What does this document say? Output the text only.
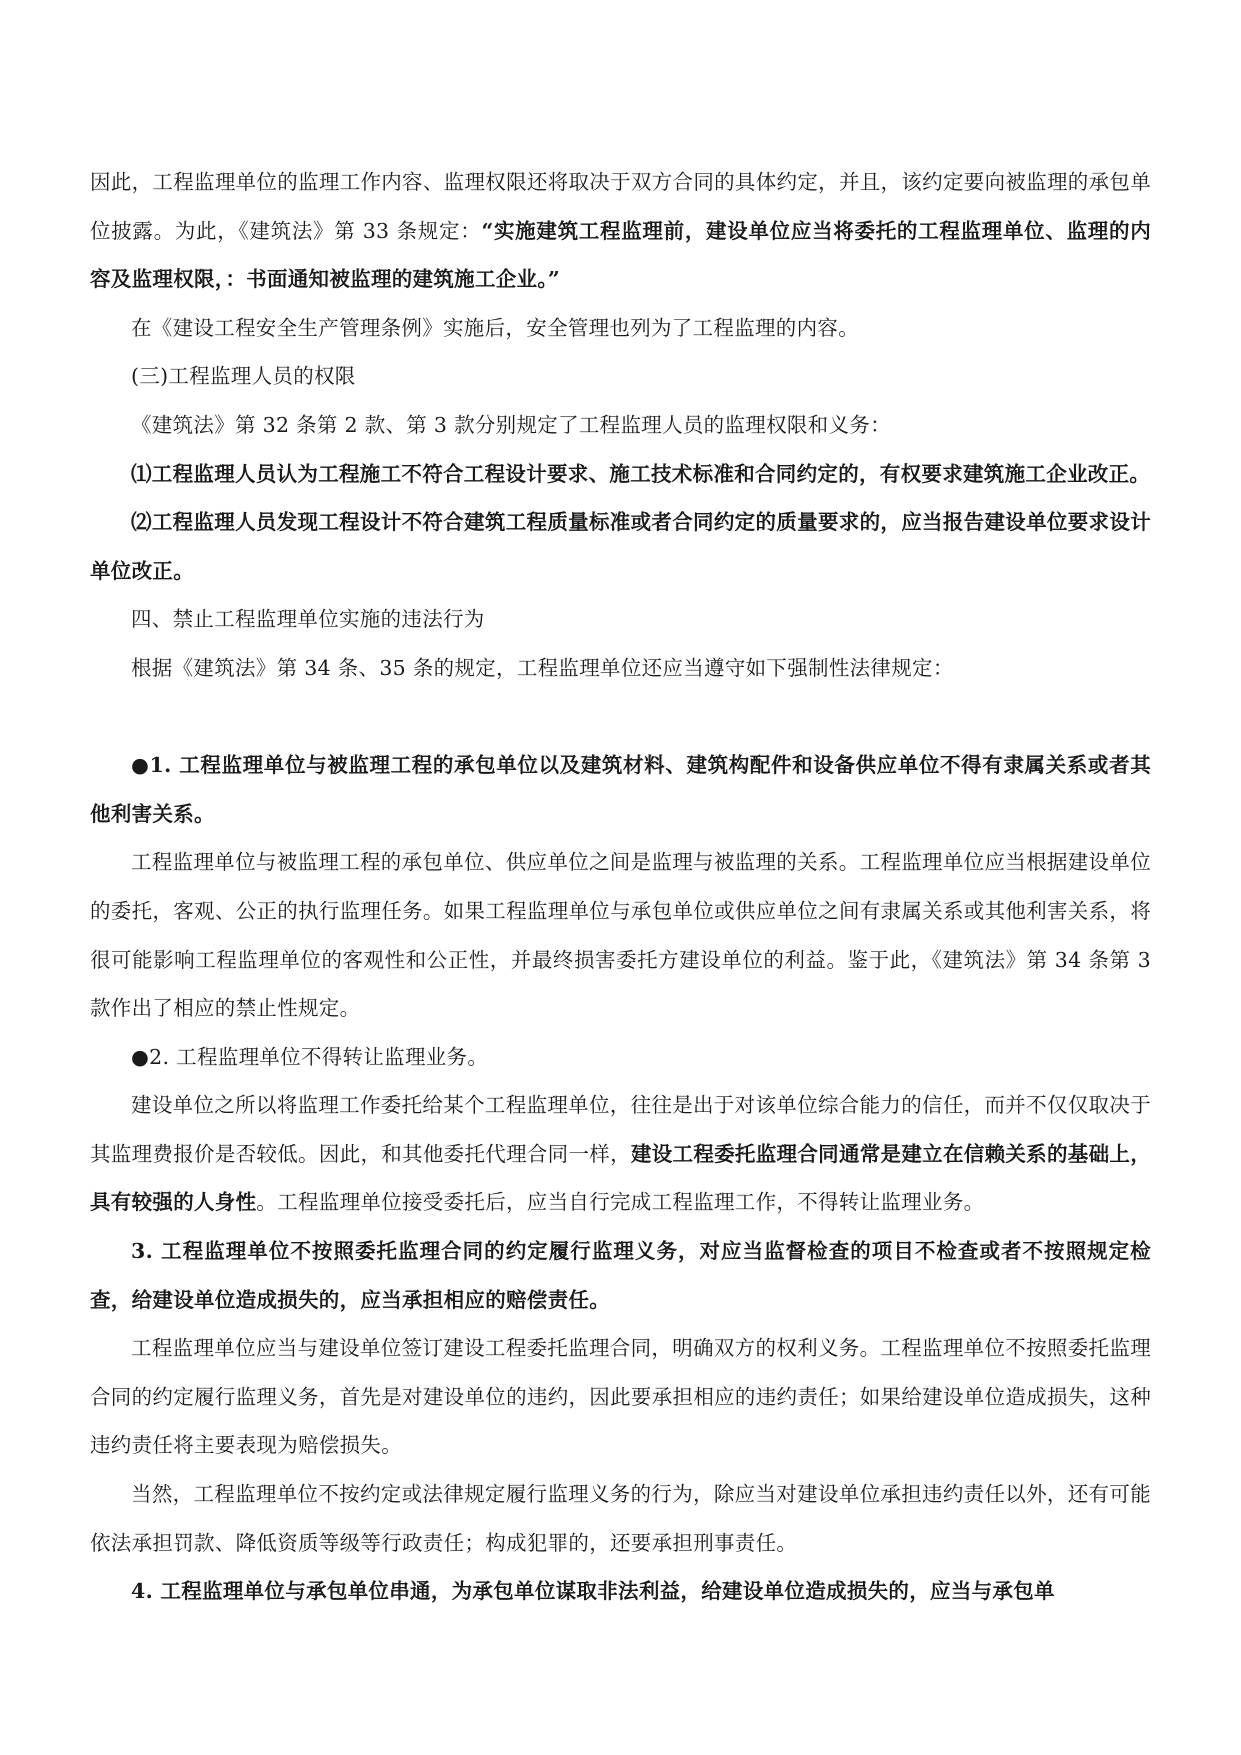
因此，工程监理单位的监理工作内容、监理权限还将取决于双方合同的具体约定，并且，该约定要向被监理的承包单位披露。为此，《建筑法》第 33 条规定：“实施建筑工程监理前，建设单位应当将委托的工程监理单位、监理的内容及监理权限，：书面通知被监理的建筑施工企业。”

在《建设工程安全生产管理条例》实施后，安全管理也列为了工程监理的内容。

(三)工程监理人员的权限

《建筑法》第 32 条第 2 款、第 3 款分别规定了工程监理人员的监理权限和义务：

⑴工程监理人员认为工程施工不符合工程设计要求、施工技术标准和合同约定的，有权要求建筑施工企业改正。

⑵工程监理人员发现工程设计不符合建筑工程质量标准或者合同约定的质量要求的，应当报告建设单位要求设计单位改正。

四、禁止工程监理单位实施的违法行为

根据《建筑法》第 34 条、35 条的规定，工程监理单位还应当遵守如下强制性法律规定：

●1. 工程监理单位与被监理工程的承包单位以及建筑材料、建筑构配件和设备供应单位不得有隶属关系或者其他利害关系。

工程监理单位与被监理工程的承包单位、供应单位之间是监理与被监理的关系。工程监理单位应当根据建设单位的委托，客观、公正的执行监理任务。如果工程监理单位与承包单位或供应单位之间有隶属关系或其他利害关系，将很可能影响工程监理单位的客观性和公正性，并最终损害委托方建设单位的利益。鉴于此，《建筑法》第 34 条第 3 款作出了相应的禁止性规定。

●2. 工程监理单位不得转让监理业务。

建设单位之所以将监理工作委托给某个工程监理单位，往往是出于对该单位综合能力的信任，而并不仅仅取决于其监理费报价是否较低。因此，和其他委托代理合同一样，建设工程委托监理合同通常是建立在信赖关系的基础上，具有较强的人身性。工程监理单位接受委托后，应当自行完成工程监理工作，不得转让监理业务。

3. 工程监理单位不按照委托监理合同的约定履行监理义务，对应当监督检查的项目不检查或者不按照规定检查，给建设单位造成损失的，应当承担相应的赔偿责任。

工程监理单位应当与建设单位签订建设工程委托监理合同，明确双方的权利义务。工程监理单位不按照委托监理合同的约定履行监理义务，首先是对建设单位的违约，因此要承担相应的违约责任；如果给建设单位造成损失，这种违约责任将主要表现为赔偿损失。

当然，工程监理单位不按约定或法律规定履行监理义务的行为，除应当对建设单位承担违约责任以外，还有可能依法承担罚款、降低资质等级等行政责任；构成犯罪的，还要承担刑事责任。

4. 工程监理单位与承包单位串通，为承包单位谋取非法利益，给建设单位造成损失的，应当与承包单
